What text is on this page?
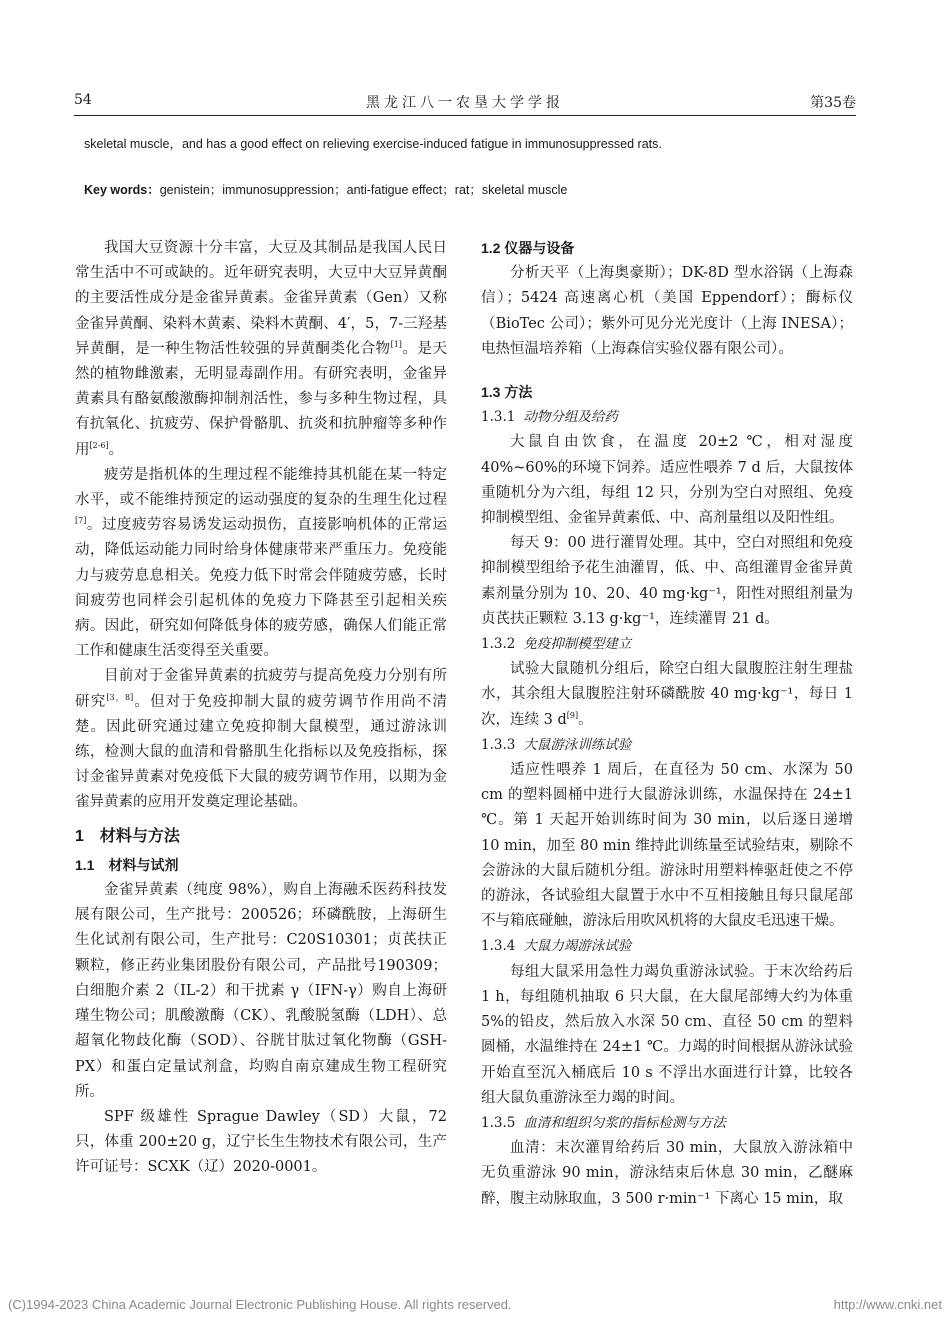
54	黑龙江八一农垦大学学报	第35卷
skeletal muscle，and has a good effect on relieving exercise-induced fatigue in immunosuppressed rats.
Key words：genistein；immunosuppression；anti-fatigue effect；rat；skeletal muscle

我国大豆资源十分丰富，大豆及其制品是我国人民日常生活中不可或缺的。近年研究表明，大豆中大豆异黄酮的主要活性成分是金雀异黄素。金雀异黄素（Gen）又称金雀异黄酮、染料木黄素、染料木黄酮、4′，5，7-三羟基异黄酮，是一种生物活性较强的异黄酮类化合物[1]。是天然的植物雌激素，无明显毒副作用。有研究表明，金雀异黄素具有酪氨酸激酶抑制剂活性，参与多种生物过程，具有抗氧化、抗疲劳、保护骨骼肌、抗炎和抗肿瘤等多种作用[2-6]。

疲劳是指机体的生理过程不能维持其机能在某一特定水平，或不能维持预定的运动强度的复杂的生理生化过程[7]。过度疲劳容易诱发运动损伤，直接影响机体的正常运动，降低运动能力同时给身体健康带来严重压力。免疫能力与疲劳息息相关。免疫力低下时常会伴随疲劳感，长时间疲劳也同样会引起机体的免疫力下降甚至引起相关疾病。因此，研究如何降低身体的疲劳感，确保人们能正常工作和健康生活变得至关重要。

目前对于金雀异黄素的抗疲劳与提高免疫力分别有所研究[3，8]。但对于免疫抑制大鼠的疲劳调节作用尚不清楚。因此研究通过建立免疫抑制大鼠模型，通过游泳训练，检测大鼠的血清和骨骼肌生化指标以及免疫指标，探讨金雀异黄素对免疫低下大鼠的疲劳调节作用，以期为金雀异黄素的应用开发奠定理论基础。

1　材料与方法

1.1　材料与试剂

金雀异黄素（纯度 98%），购自上海融禾医药科技发展有限公司，生产批号：200526；环磷酰胺，上海研生生化试剂有限公司，生产批号：C20S10301；贞芪扶正颗粒，修正药业集团股份有限公司，产品批号190309；白细胞介素 2（IL-2）和干扰素 γ（IFN-γ）购自上海研瑾生物公司；肌酸激酶（CK）、乳酸脱氢酶（LDH）、总超氧化物歧化酶（SOD）、谷胱甘肽过氧化物酶（GSH-PX）和蛋白定量试剂盒，均购自南京建成生物工程研究所。

SPF 级雄性 Sprague Dawley（SD）大鼠，72 只，体重 200±20 g，辽宁长生生物技术有限公司，生产许可证号：SCXK（辽）2020-0001。

1.2 仪器与设备

分析天平（上海奥豪斯）；DK-8D 型水浴锅（上海森信）；5424 高速离心机（美国 Eppendorf）；酶标仪（BioTec 公司）；紫外可见分光光度计（上海 INESA）；电热恒温培养箱（上海森信实验仪器有限公司）。

1.3 方法

1.3.1 动物分组及给药

大鼠自由饮食，在温度 20±2 ℃，相对湿度 40%~60%的环境下饲养。适应性喂养 7 d 后，大鼠按体重随机分为六组，每组 12 只，分别为空白对照组、免疫抑制模型组、金雀异黄素低、中、高剂量组以及阳性组。

每天 9：00 进行灌胃处理。其中，空白对照组和免疫抑制模型组给予花生油灌胃，低、中、高组灌胃金雀异黄素剂量分别为 10、20、40 mg·kg⁻¹，阳性对照组剂量为贞芪扶正颗粒 3.13 g·kg⁻¹，连续灌胃 21 d。

1.3.2 免疫抑制模型建立

试验大鼠随机分组后，除空白组大鼠腹腔注射生理盐水，其余组大鼠腹腔注射环磷酰胺 40 mg·kg⁻¹，每日 1 次，连续 3 d[9]。

1.3.3 大鼠游泳训练试验

适应性喂养 1 周后，在直径为 50 cm、水深为 50 cm 的塑料圆桶中进行大鼠游泳训练，水温保持在 24±1 ℃。第 1 天起开始训练时间为 30 min，以后逐日递增 10 min，加至 80 min 维持此训练量至试验结束，剔除不会游泳的大鼠后随机分组。游泳时用塑料棒驱赶使之不停的游泳，各试验组大鼠置于水中不互相接触且每只鼠尾部不与箱底碰触，游泳后用吹风机将的大鼠皮毛迅速干燥。

1.3.4 大鼠力竭游泳试验

每组大鼠采用急性力竭负重游泳试验。于末次给药后 1 h，每组随机抽取 6 只大鼠，在大鼠尾部缚大约为体重 5%的铅皮，然后放入水深 50 cm、直径 50 cm 的塑料圆桶，水温维持在 24±1 ℃。力竭的时间根据从游泳试验开始直至沉入桶底后 10 s 不浮出水面进行计算，比较各组大鼠负重游泳至力竭的时间。

1.3.5 血清和组织匀浆的指标检测与方法

血清：末次灌胃给药后 30 min，大鼠放入游泳箱中无负重游泳 90 min，游泳结束后休息 30 min，乙醚麻醉，腹主动脉取血，3 500 r·min⁻¹ 下离心 15 min，取

(C)1994-2023 China Academic Journal Electronic Publishing House. All rights reserved.	http://www.cnki.net
